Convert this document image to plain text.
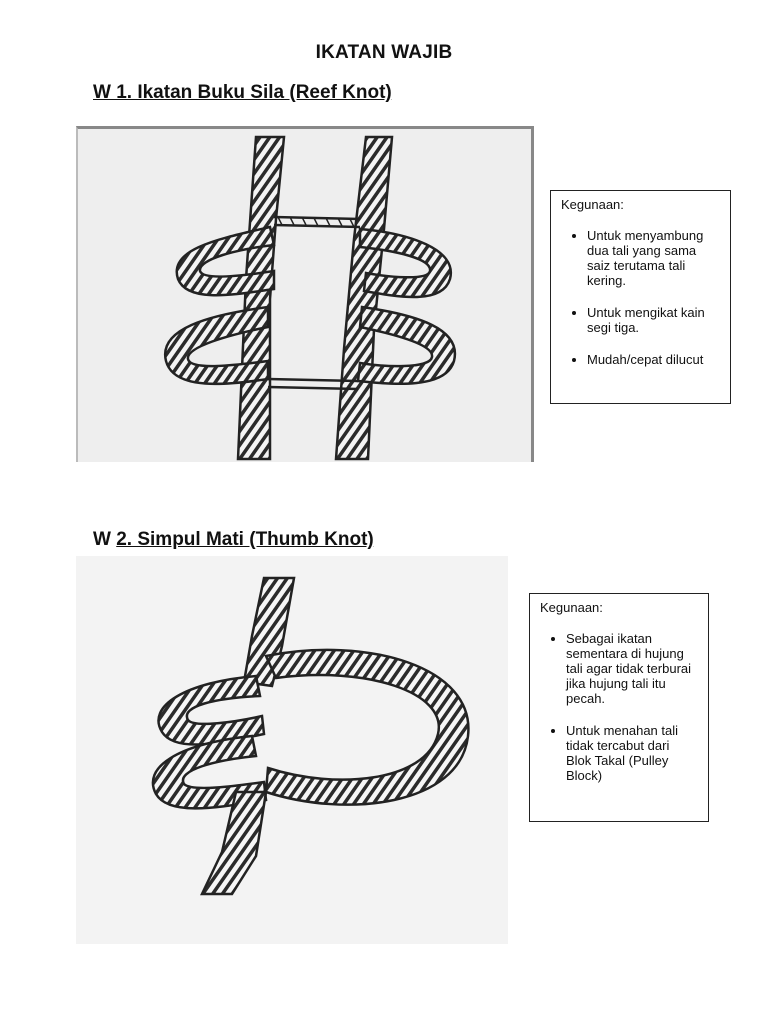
IKATAN WAJIB
W 1. Ikatan Buku Sila (Reef Knot)
Kegunaan:
• Untuk menyambung dua tali yang sama saiz terutama tali kering.
• Untuk mengikat kain segi tiga.
• Mudah/cepat dilucut
W 2. Simpul Mati (Thumb Knot)
Kegunaan:
• Sebagai ikatan sementara di hujung tali agar tidak terburai jika hujung tali itu pecah.
• Untuk menahan tali tidak tercabut dari Blok Takal (Pulley Block)
